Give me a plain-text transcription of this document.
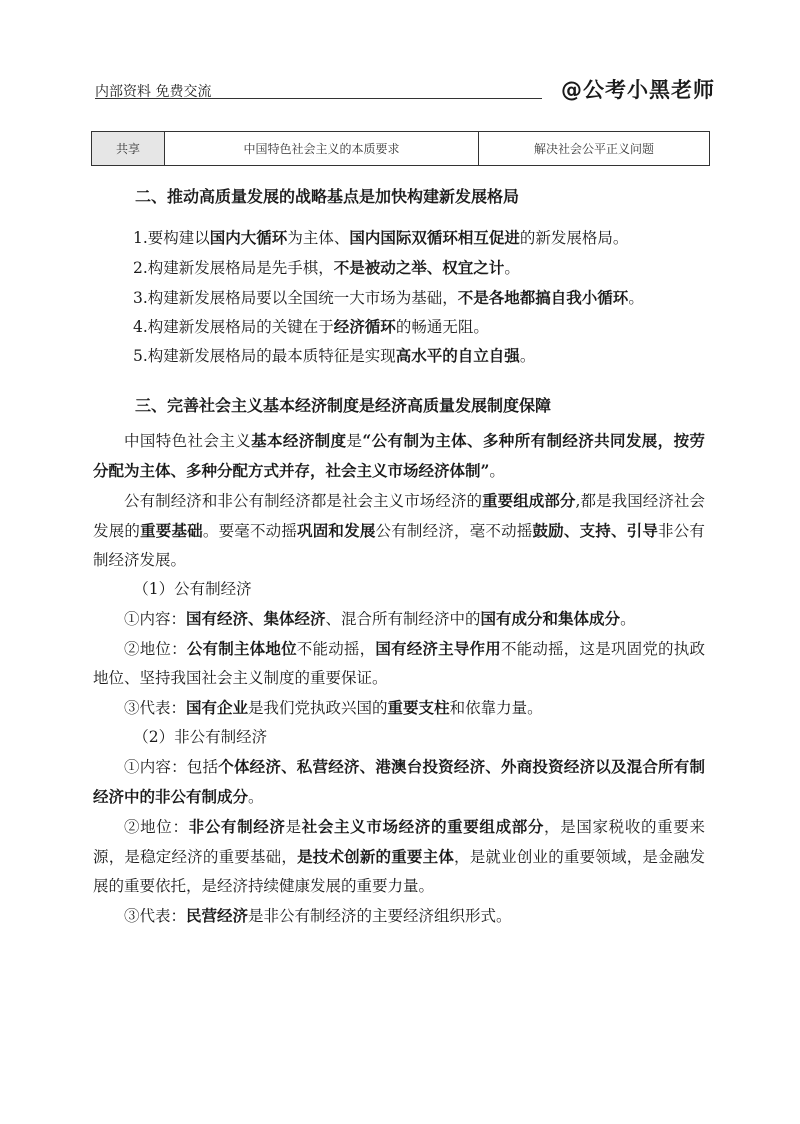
内部资料 免费交流	@公考小黑老师
共享	中国特色社会主义的本质要求	解决社会公平正义问题
二、推动高质量发展的战略基点是加快构建新发展格局
1.要构建以国内大循环为主体、国内国际双循环相互促进的新发展格局。
2.构建新发展格局是先手棋，不是被动之举、权宜之计。
3.构建新发展格局要以全国统一大市场为基础，不是各地都搞自我小循环。
4.构建新发展格局的关键在于经济循环的畅通无阻。
5.构建新发展格局的最本质特征是实现高水平的自立自强。
三、完善社会主义基本经济制度是经济高质量发展制度保障

中国特色社会主义基本经济制度是“公有制为主体、多种所有制经济共同发展，按劳分配为主体、多种分配方式并存，社会主义市场经济体制”。

公有制经济和非公有制经济都是社会主义市场经济的重要组成部分,都是我国经济社会发展的重要基础。要毫不动摇巩固和发展公有制经济，毫不动摇鼓励、支持、引导非公有制经济发展。

（1）公有制经济

①内容：国有经济、集体经济、混合所有制经济中的国有成分和集体成分。

②地位：公有制主体地位不能动摇，国有经济主导作用不能动摇，这是巩固党的执政地位、坚持我国社会主义制度的重要保证。

③代表：国有企业是我们党执政兴国的重要支柱和依靠力量。

（2）非公有制经济

①内容：包括个体经济、私营经济、港澳台投资经济、外商投资经济以及混合所有制经济中的非公有制成分。

②地位：非公有制经济是社会主义市场经济的重要组成部分，是国家税收的重要来源，是稳定经济的重要基础，是技术创新的重要主体，是就业创业的重要领域，是金融发展的重要依托，是经济持续健康发展的重要力量。

③代表：民营经济是非公有制经济的主要经济组织形式。
